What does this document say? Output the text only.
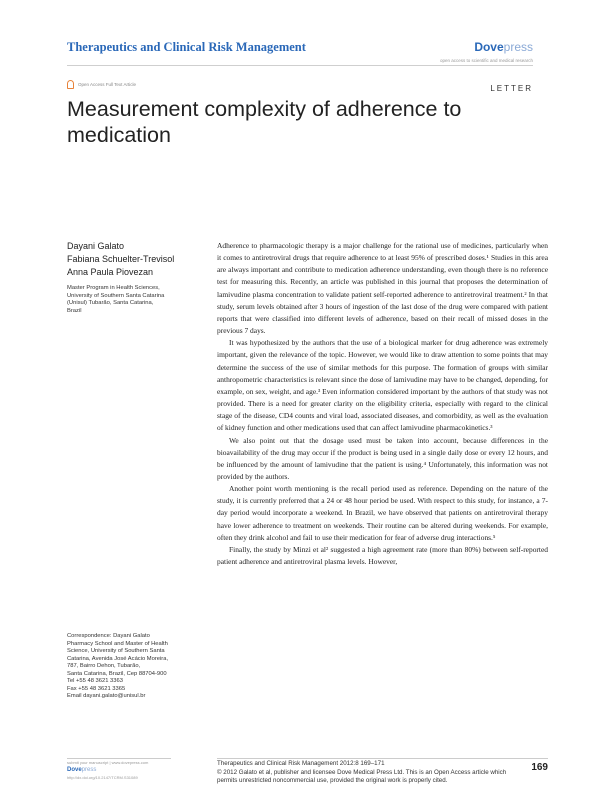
Therapeutics and Clinical Risk Management	Dovepress
open access to scientific and medical research
Open Access Full Text Article	LETTER
Measurement complexity of adherence to medication
Dayani Galato
Fabiana Schuelter-Trevisol
Anna Paula Piovezan
Master Program in Health Sciences,
University of Southern Santa Catarina
(Unisul) Tubarão, Santa Catarina,
Brazil
Correspondence: Dayani Galato
Pharmacy School and Master of Health
Science, University of Southern Santa
Catarina, Avenida José Acácio Moreira,
787, Bairro Dehon, Tubarão,
Santa Catarina, Brazil, Cep 88704-900
Tel +55 48 3621 3363
Fax +55 48 3621 3365
Email dayani.galato@unisul.br

Adherence to pharmacologic therapy is a major challenge for the rational use of medicines, particularly when it comes to antiretroviral drugs that require adherence to at least 95% of prescribed doses.¹ Studies in this area are always important and contribute to medication adherence understanding, even though there is no reference test for measuring this. Recently, an article was published in this journal that proposes the determination of lamivudine plasma concentration to validate patient self-reported adherence to antiretroviral treatment.² In that study, serum levels obtained after 3 hours of ingestion of the last dose of the drug were compared with patient reports that were classified into different levels of adherence, based on their recall of missed doses in the previous 7 days.

It was hypothesized by the authors that the use of a biological marker for drug adherence was extremely important, given the relevance of the topic. However, we would like to draw attention to some points that may determine the success of the use of similar methods for this purpose. The formation of groups with similar anthropometric characteristics is relevant since the dose of lamivudine may have to be changed, depending, for example, on sex, weight, and age.³ Even information considered important by the authors of that study was not provided. There is a need for greater clarity on the eligibility criteria, especially with regard to the clinical stage of the disease, CD4 counts and viral load, associated diseases, and comorbidity, as well as the evaluation of kidney function and other medications used that can affect lamivudine pharmacokinetics.³

We also point out that the dosage used must be taken into account, because differences in the bioavailability of the drug may occur if the product is being used in a single daily dose or every 12 hours, and be influenced by the amount of lamivudine that the patient is using.⁴ Unfortunately, this information was not provided by the authors.

Another point worth mentioning is the recall period used as reference. Depending on the nature of the study, it is currently preferred that a 24 or 48 hour period be used. With respect to this study, for instance, a 7-day period would incorporate a weekend. In Brazil, we have observed that patients on antiretroviral therapy have lower adherence to treatment on weekends. Their routine can be altered during weekends. For example, often they drink alcohol and fail to use their medication for fear of adverse drug interactions.⁵

Finally, the study by Minzi et al² suggested a high agreement rate (more than 80%) between self-reported patient adherence and antiretroviral plasma levels. However,

submit your manuscript | www.dovepress.com
Dovepress
http://dx.doi.org/10.2147/TCRM.S31089
Therapeutics and Clinical Risk Management 2012:8 169–171
© 2012 Galato et al, publisher and licensee Dove Medical Press Ltd. This is an Open Access article which permits unrestricted noncommercial use, provided the original work is properly cited.
169
